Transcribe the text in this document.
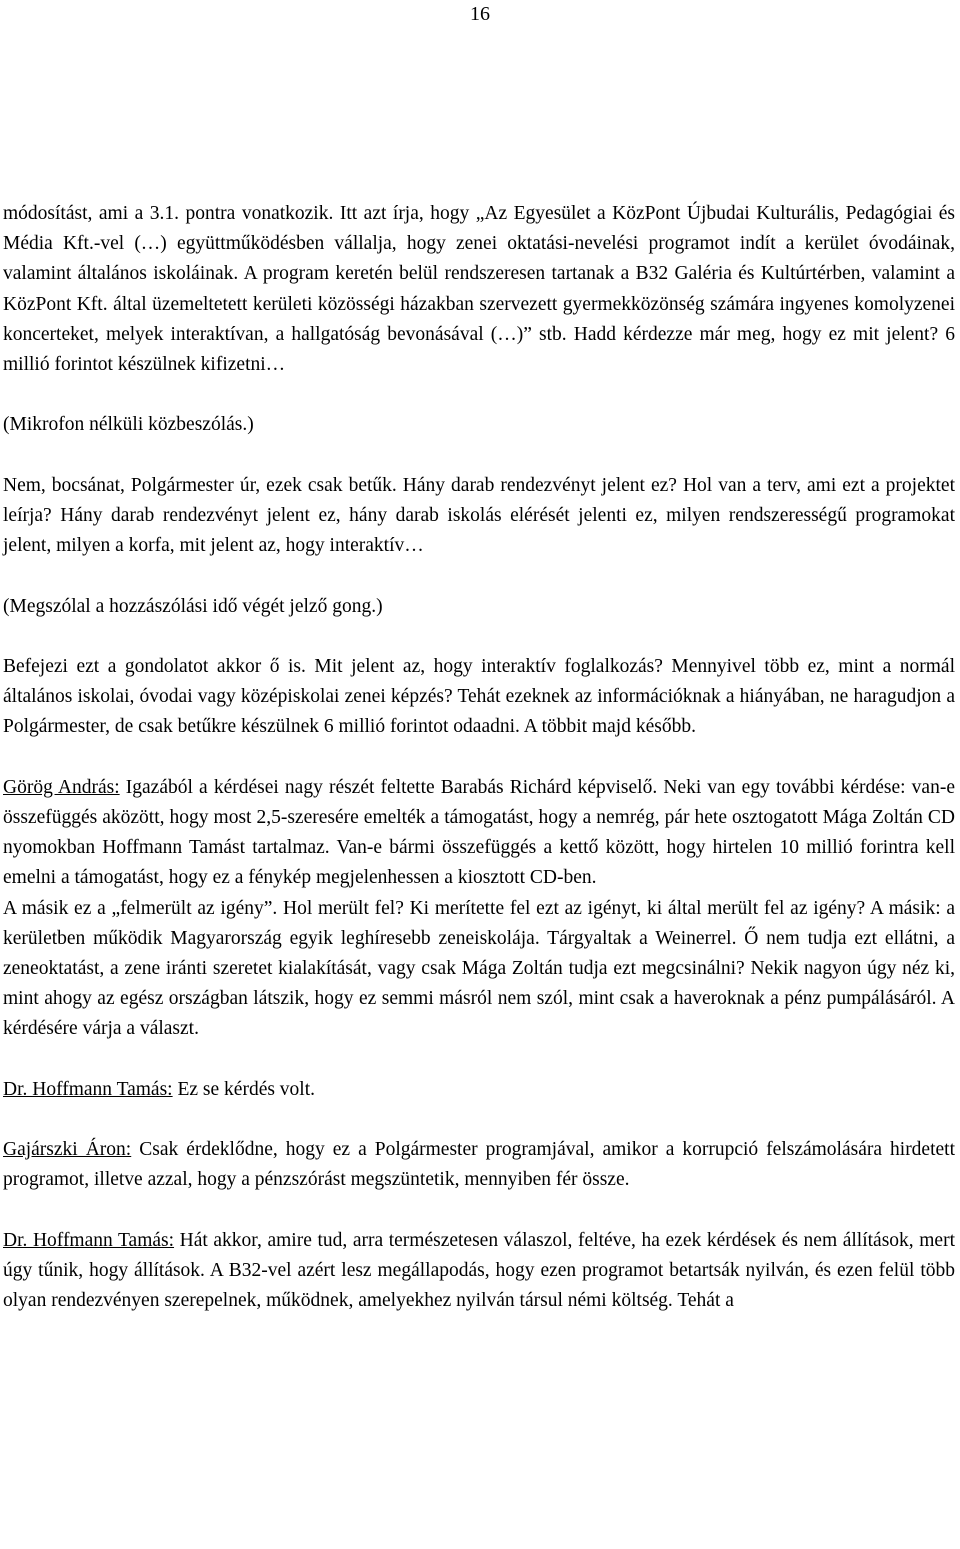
16

módosítást, ami a 3.1. pontra vonatkozik. Itt azt írja, hogy „Az Egyesület a KözPont Újbudai Kulturális, Pedagógiai és Média Kft.-vel (…) együttműködésben vállalja, hogy zenei oktatási-nevelési programot indít a kerület óvodáinak, valamint általános iskoláinak. A program keretén belül rendszeresen tartanak a B32 Galéria és Kultúrtérben, valamint a KözPont Kft. által üzemeltetett kerületi közösségi házakban szervezett gyermekközönség számára ingyenes komolyzenei koncerteket, melyek interaktívan, a hallgatóság bevonásával (…)” stb. Hadd kérdezze már meg, hogy ez mit jelent? 6 millió forintot készülnek kifizetni…

(Mikrofon nélküli közbeszólás.)

Nem, bocsánat, Polgármester úr, ezek csak betűk. Hány darab rendezvényt jelent ez? Hol van a terv, ami ezt a projektet leírja? Hány darab rendezvényt jelent ez, hány darab iskolás elérését jelenti ez, milyen rendszerességű programokat jelent, milyen a korfa, mit jelent az, hogy interaktív…

(Megszólal a hozzászólási idő végét jelző gong.)

Befejezi ezt a gondolatot akkor ő is. Mit jelent az, hogy interaktív foglalkozás? Mennyivel több ez, mint a normál általános iskolai, óvodai vagy középiskolai zenei képzés? Tehát ezeknek az információknak a hiányában, ne haragudjon a Polgármester, de csak betűkre készülnek 6 millió forintot odaadni. A többit majd később.

Görög András: Igazából a kérdései nagy részét feltette Barabás Richárd képviselő. Neki van egy további kérdése: van-e összefüggés aközött, hogy most 2,5-szeresére emelték a támogatást, hogy a nemrég, pár hete osztogatott Mága Zoltán CD nyomokban Hoffmann Tamást tartalmaz. Van-e bármi összefüggés a kettő között, hogy hirtelen 10 millió forintra kell emelni a támogatást, hogy ez a fénykép megjelenhessen a kiosztott CD-ben.

A másik ez a „felmerült az igény”. Hol merült fel? Ki merítette fel ezt az igényt, ki által merült fel az igény? A másik: a kerületben működik Magyarország egyik leghíresebb zeneiskolája. Tárgyaltak a Weinerrel. Ő nem tudja ezt ellátni, a zeneoktatást, a zene iránti szeretet kialakítását, vagy csak Mága Zoltán tudja ezt megcsinálni? Nekik nagyon úgy néz ki, mint ahogy az egész országban látszik, hogy ez semmi másról nem szól, mint csak a haveroknak a pénz pumpálásáról. A kérdésére várja a választ.

Dr. Hoffmann Tamás: Ez se kérdés volt.

Gajárszki Áron: Csak érdeklődne, hogy ez a Polgármester programjával, amikor a korrupció felszámolására hirdetett programot, illetve azzal, hogy a pénzszórást megszüntetik, mennyiben fér össze.

Dr. Hoffmann Tamás: Hát akkor, amire tud, arra természetesen válaszol, feltéve, ha ezek kérdések és nem állítások, mert úgy tűnik, hogy állítások. A B32-vel azért lesz megállapodás, hogy ezen programot betartsák nyilván, és ezen felül több olyan rendezvényen szerepelnek, működnek, amelyekhez nyilván társul némi költség. Tehát a
